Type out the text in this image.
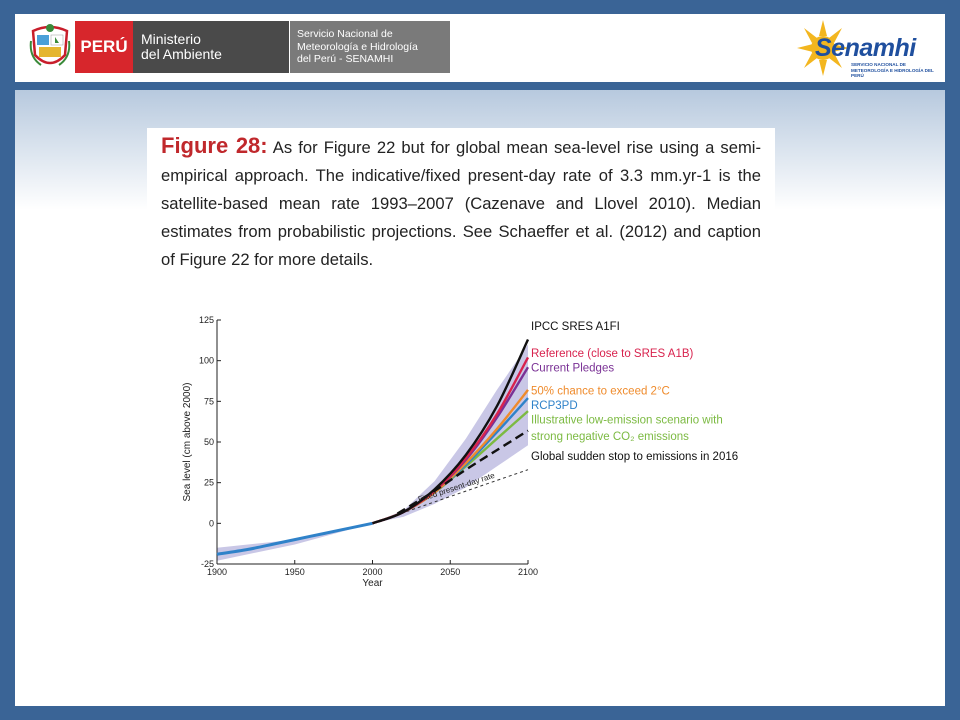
PERÚ Ministerio
del Ambiente
Servicio Nacional de
Meteorología e Hidrología
del Perú - SENAMHI	Senamhi
SERVICIO NACIONAL DE METEOROLOGÍA E HIDROLOGÍA DEL PERÚ
Figure 28: As for Figure 22 but for global mean sea-level rise using a semi-empirical approach. The indicative/fixed present-day rate of 3.3 mm.yr-1 is the satellite-based mean rate 1993–2007 (Cazenave and Llovel 2010). Median estimates from probabilistic projections. See Schaeffer et al. (2012) and caption of Figure 22 for more details.
-25
0
25
50
75
100
125
1900	1950	2000	2050	2100
Year
Sea level (cm above 2000)	Fixed present-day rate
IPCC SRES A1FI
Reference (close to SRES A1B)
Current Pledges
50% chance to exceed 2°C
RCP3PD
Illustrative low-emission scenario with
strong negative CO₂ emissions
Global sudden stop to emissions in 2016
